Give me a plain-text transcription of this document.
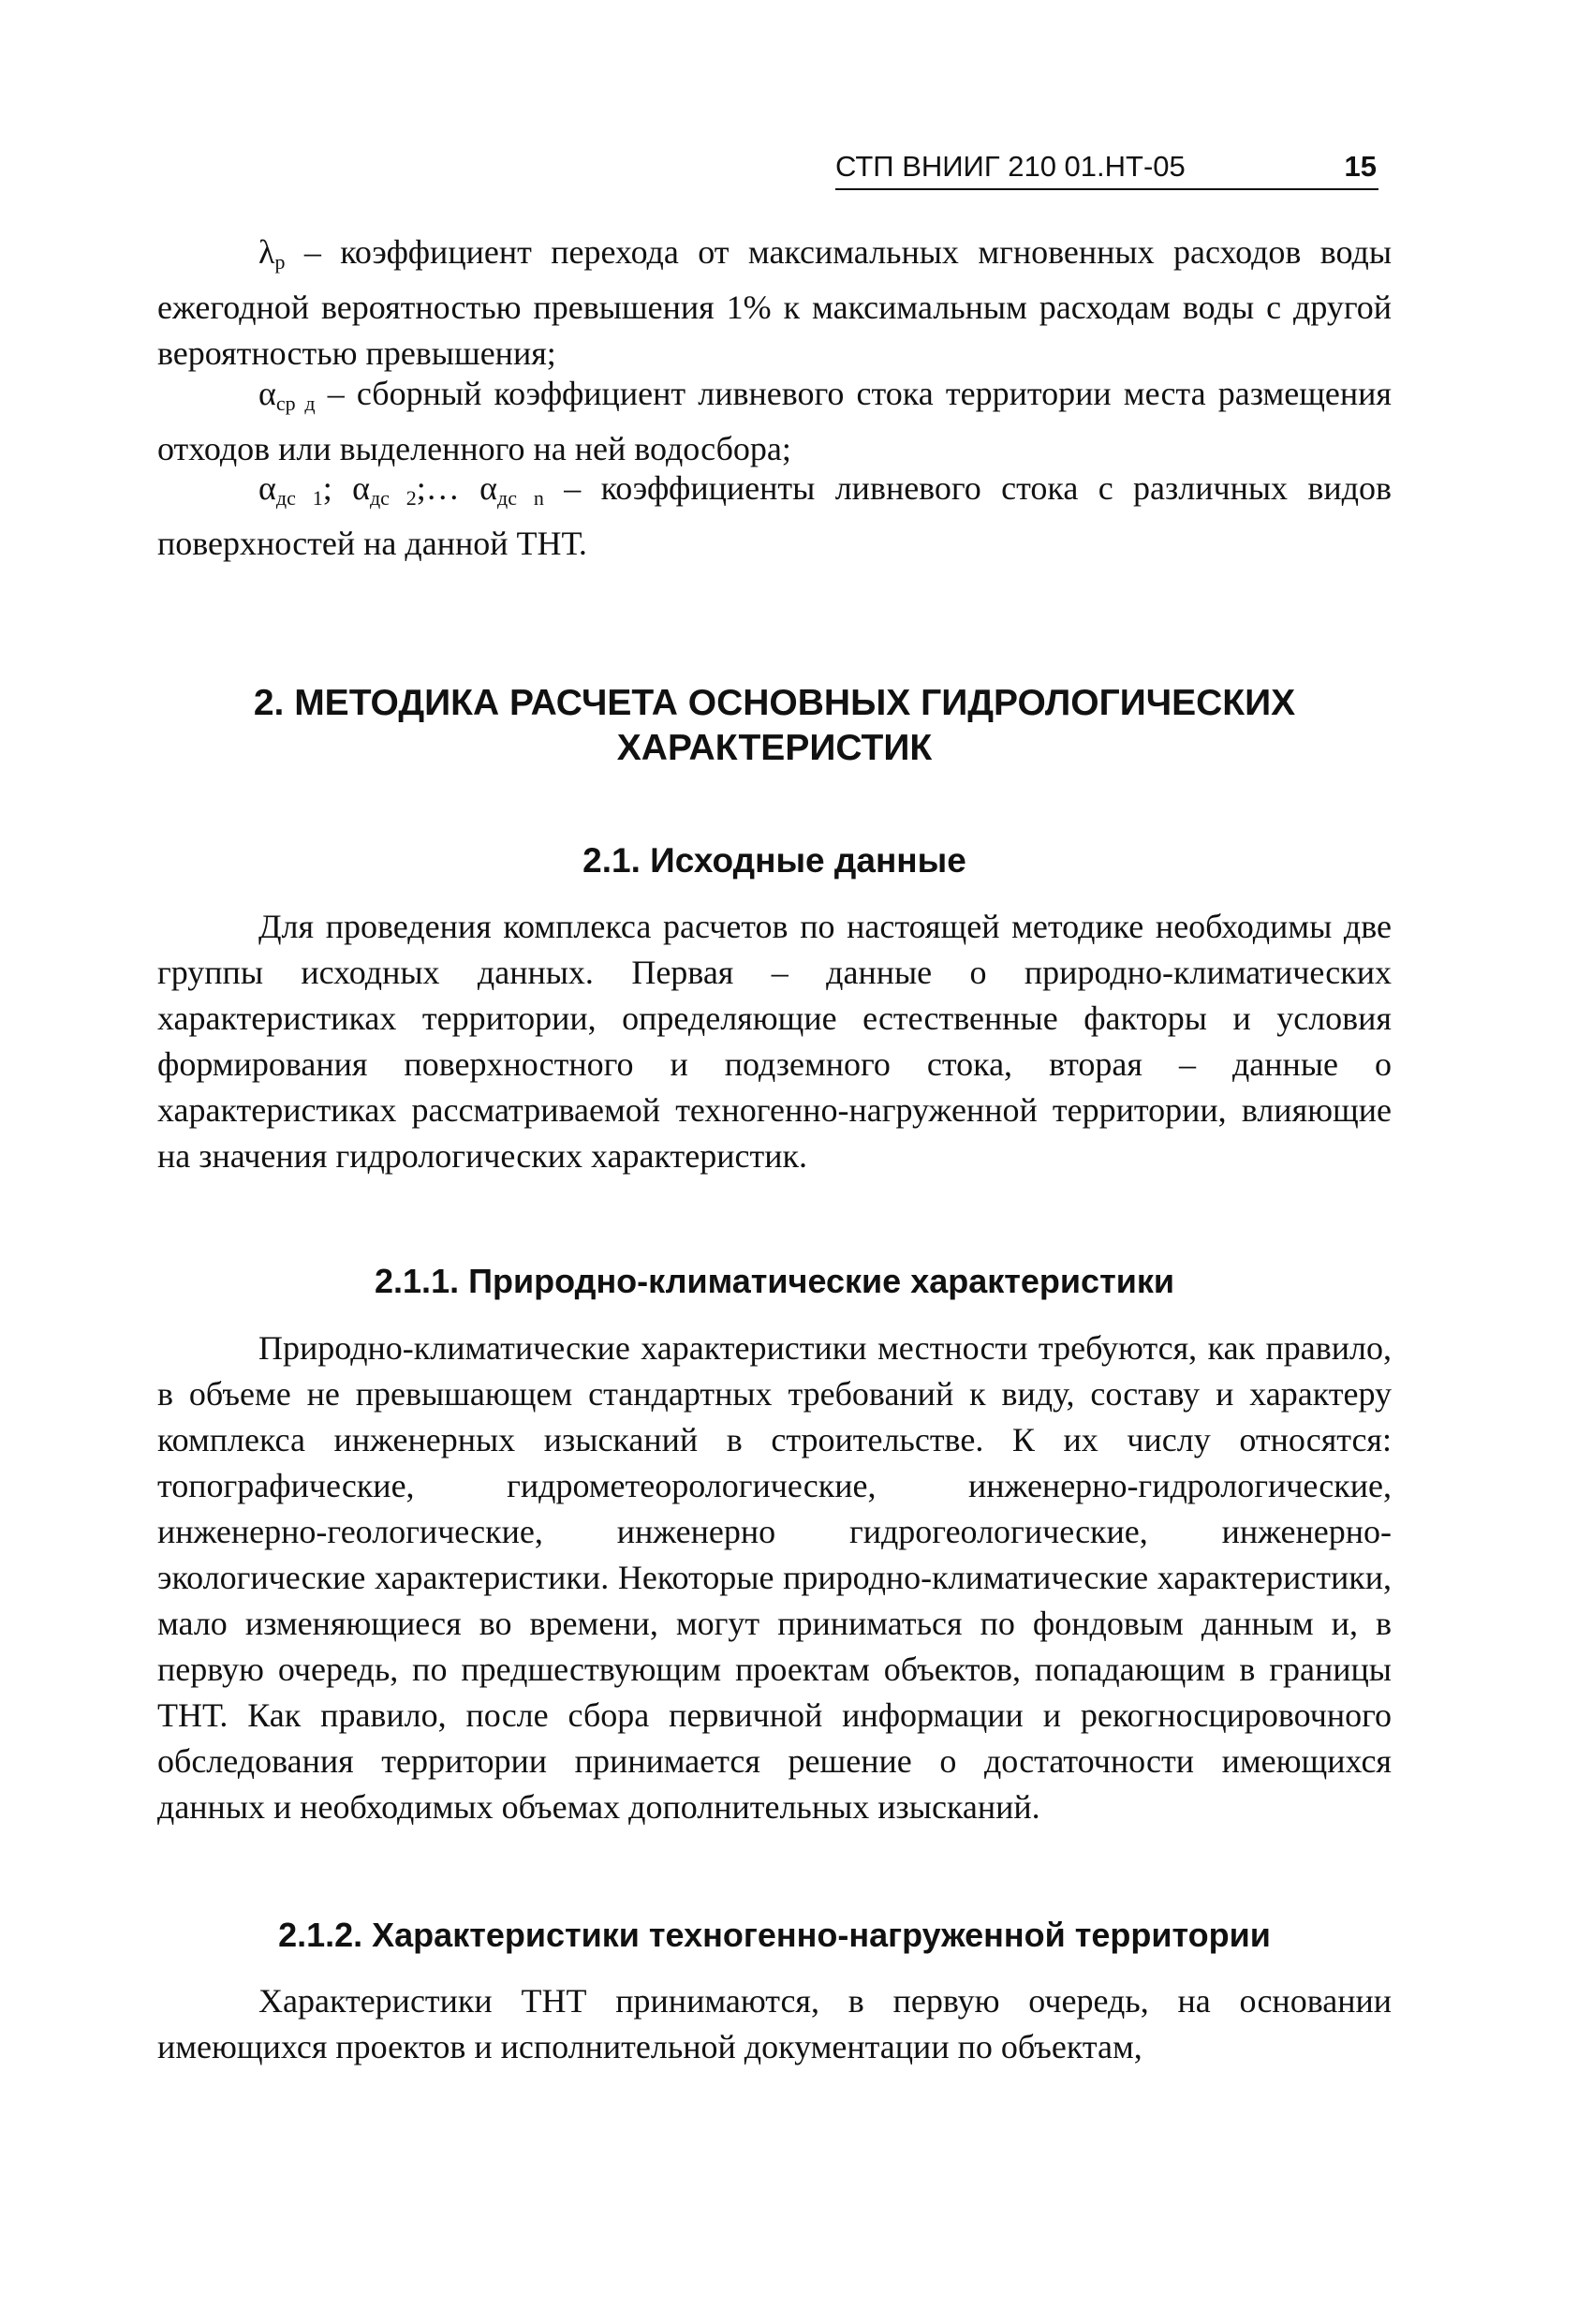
СТП ВНИИГ 210 01.НТ-05	15

$\lambda_р$ – коэффициент перехода от максимальных мгновенных расходов воды ежегодной вероятностью превышения 1% к максимальным расходам воды с другой вероятностью превышения;

$\alpha_{ср д}$ – сборный коэффициент ливневого стока территории места размещения отходов или выделенного на ней водосбора;

$\alpha_{дс 1}$; $\alpha_{дс 2};\dots$ $\alpha_{дс n}$ – коэффициенты ливневого стока с различных видов поверхностей на данной ТНТ.

2. МЕТОДИКА РАСЧЕТА ОСНОВНЫХ ГИДРОЛОГИЧЕСКИХ
ХАРАКТЕРИСТИК
2.1. Исходные данные

Для проведения комплекса расчетов по настоящей методике необходимы две группы исходных данных. Первая – данные о природно-климатических характеристиках территории, определяющие естественные факторы и условия формирования поверхностного и подземного стока, вторая – данные о характеристиках рассматриваемой техногенно-нагруженной территории, влияющие на значения гидрологических характеристик.

2.1.1. Природно-климатические характеристики

Природно-климатические характеристики местности требуются, как правило, в объеме не превышающем стандартных требований к виду, составу и характеру комплекса инженерных изысканий в строительстве. К их числу относятся: топографические, гидрометеорологические, инженерно-гидрологические, инженерно-геологические, инженерно гидрогеологические, инженерно-экологические характеристики. Некоторые природно-климатические характеристики, мало изменяющиеся во времени, могут приниматься по фондовым данным и, в первую очередь, по предшествующим проектам объектов, попадающим в границы ТНТ. Как правило, после сбора первичной информации и рекогносцировочного обследования территории принимается решение о достаточности имеющихся данных и необходимых объемах дополнительных изысканий.

2.1.2. Характеристики техногенно-нагруженной территории

Характеристики ТНТ принимаются, в первую очередь, на основании имеющихся проектов и исполнительной документации по объектам,
